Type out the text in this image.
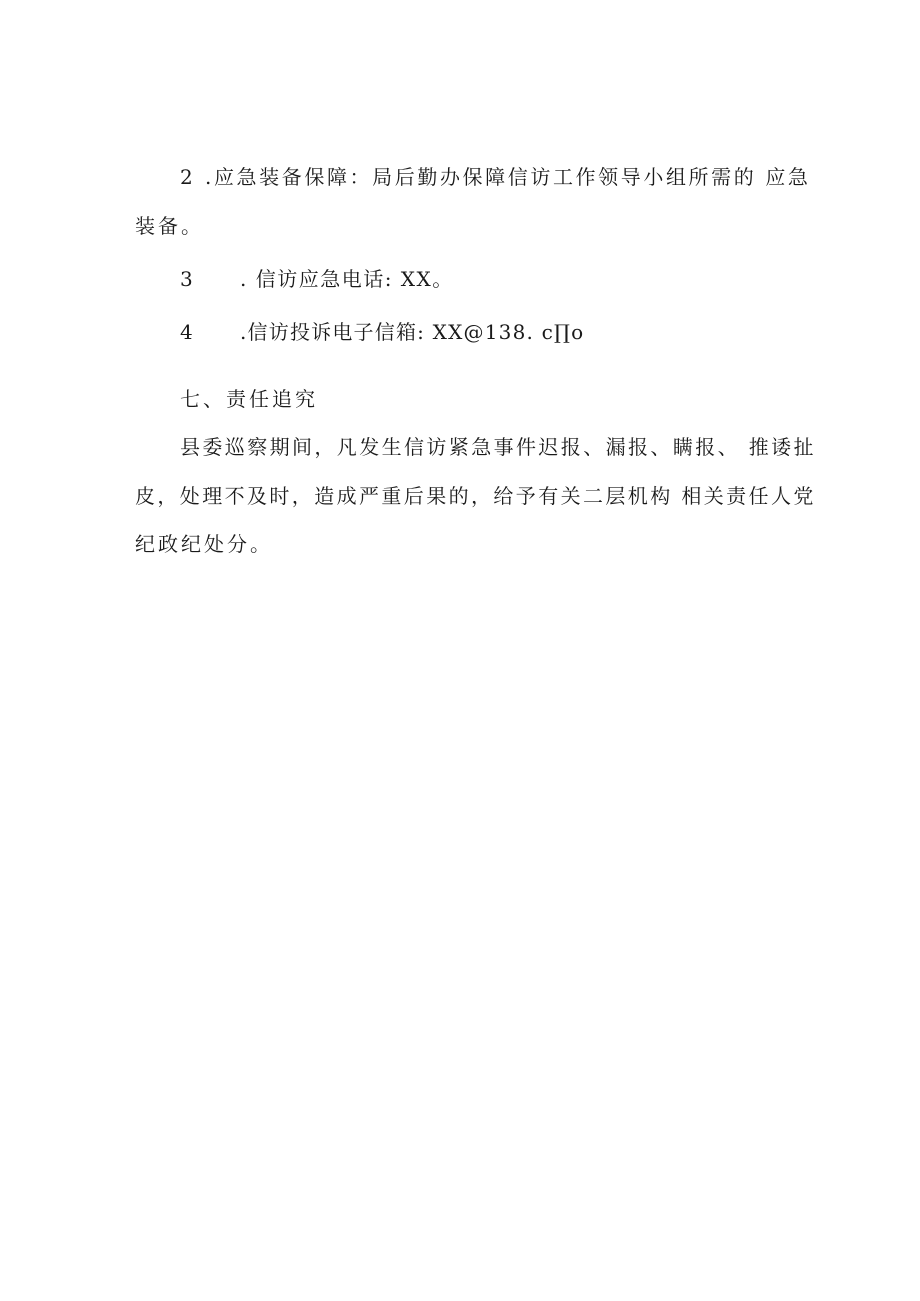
2 .应急装备保障：局后勤办保障信访工作领导小组所需的 应急
装备。
3 . 信访应急电话: XX。
4 .信访投诉电子信箱: XX@138. c∏o
七、责任追究
县委巡察期间，凡发生信访紧急事件迟报、漏报、瞒报、 推诿扯
皮，处理不及时，造成严重后果的，给予有关二层机构 相关责任人党
纪政纪处分。
